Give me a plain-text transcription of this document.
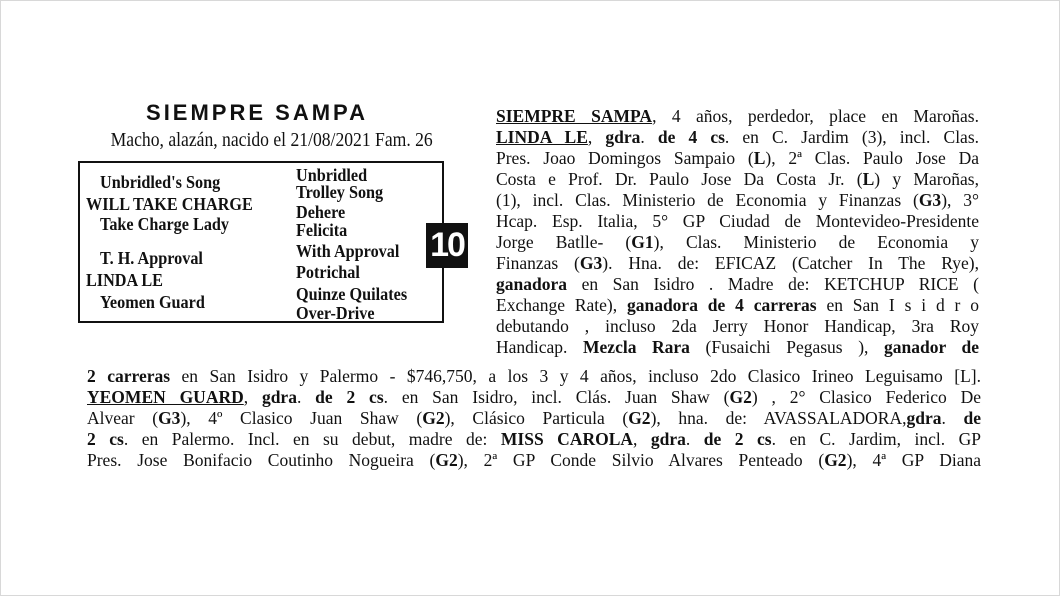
SIEMPRE SAMPA
Macho, alazán, nacido el 21/08/2021 Fam. 26
Unbridled's Song
WILL TAKE CHARGE
Take Charge Lady
T. H. Approval
LINDA LE
Yeomen Guard
Unbridled
Trolley Song
Dehere
Felicita
With Approval
Potrichal
Quinze Quilates
Over-Drive
10
SIEMPRE SAMPA, 4 años, perdedor, place en Maroñas.
LINDA LE, gdra. de 4 cs. en C. Jardim (3), incl. Clas.
Pres. Joao Domingos Sampaio (L), 2ª Clas. Paulo Jose Da
Costa e Prof. Dr. Paulo Jose Da Costa Jr. (L) y Maroñas,
(1), incl. Clas. Ministerio de Economia y Finanzas (G3), 3°
Hcap. Esp. Italia, 5° GP Ciudad de Montevideo-Presidente
Jorge Batlle- (G1), Clas. Ministerio de Economia y
Finanzas (G3). Hna. de: EFICAZ (Catcher In The Rye),
ganadora en San Isidro . Madre de: KETCHUP RICE (
Exchange Rate), ganadora de 4 carreras en San I s i d r o
debutando , incluso 2da Jerry Honor Handicap, 3ra Roy
Handicap. Mezcla Rara (Fusaichi Pegasus ), ganador de
2 carreras en San Isidro y Palermo - $746,750, a los 3 y 4 años, incluso 2do Clasico Irineo Leguisamo [L].
YEOMEN GUARD, gdra. de 2 cs. en San Isidro, incl. Clás. Juan Shaw (G2) , 2° Clasico Federico De
Alvear (G3), 4º Clasico Juan Shaw (G2), Clásico Particula (G2), hna. de: AVASSALADORA,gdra. de
2 cs. en Palermo. Incl. en su debut, madre de: MISS CAROLA, gdra. de 2 cs. en C. Jardim, incl. GP
Pres. Jose Bonifacio Coutinho Nogueira (G2), 2ª GP Conde Silvio Alvares Penteado (G2), 4ª GP Diana
